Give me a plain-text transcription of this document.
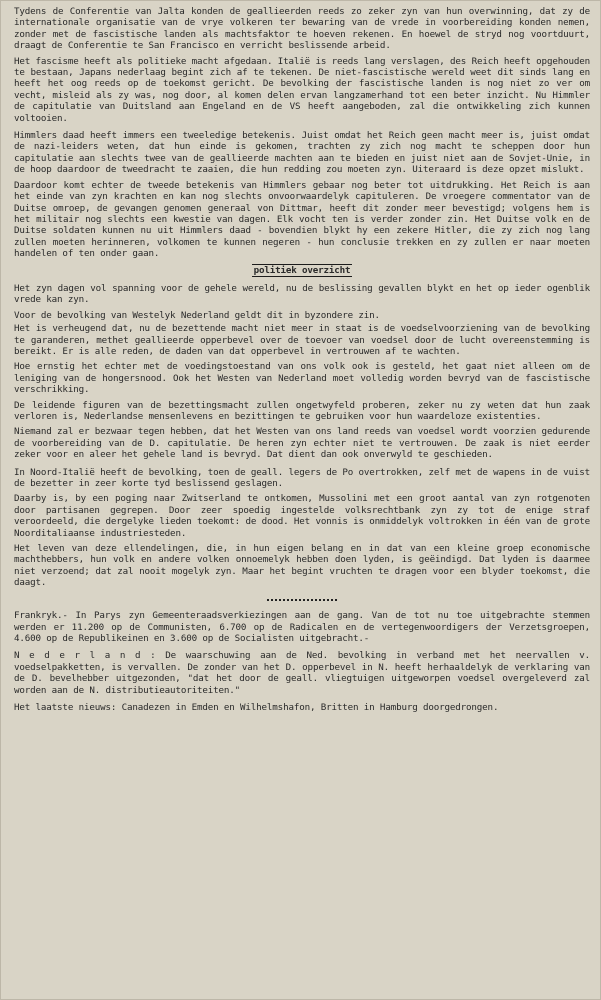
Tydens de Conferentie van Jalta konden de geallieerden reeds zo zeker zyn van hun overwinning, dat zy de internationale organisatie van de vrye volkeren ter bewaring van de vrede in voorbereiding konden nemen, zonder met de fascistische landen als machtsfaktor te hoeven rekenen. En hoewel de stryd nog voortduurt, draagt de Conferentie te San Francisco en verricht beslissende arbeid.

Het fascisme heeft als politieke macht afgedaan. Italië is reeds lang verslagen, des Reich heeft opgehouden te bestaan, Japans nederlaag begint zich af te tekenen. De niet-fascistische wereld weet dit sinds lang en heeft het oog reeds op de toekomst gericht. De bevolking der fascistische landen is nog niet zo ver om vecht, misleid als zy was, nog door, al komen delen ervan langzamerhand tot een beter inzicht. Nu Himmler de capitulatie van Duitsland aan Engeland en de VS heeft aangeboden, zal die ontwikkeling zich kunnen voltooien.

Himmlers daad heeft immers een tweeledige betekenis. Juist omdat het Reich geen macht meer is, juist omdat de nazi-leiders weten, dat hun einde is gekomen, trachten zy zich nog macht te scheppen door hun capitulatie aan slechts twee van de geallieerde machten aan te bieden en juist niet aan de Sovjet-Unie, in de hoop daardoor de tweedracht te zaaien, die hun redding zou moeten zyn. Uiteraard is deze opzet mislukt.

Daardoor komt echter de tweede betekenis van Himmlers gebaar nog beter tot uitdrukking. Het Reich is aan het einde van zyn krachten en kan nog slechts onvoorwaardelyk capituleren. De vroegere commentator van de Duitse omroep, de gevangen genomen generaal von Dittmar, heeft dit zonder meer bevestigd; volgens hem is het militair nog slechts een kwestie van dagen. Elk vocht ten is verder zonder zin. Het Duitse volk en de Duitse soldaten kunnen nu uit Himmlers daad - bovendien blykt hy een zekere Hitler, die zy zich nog lang zullen moeten herinneren, volkomen te kunnen negeren - hun conclusie trekken en zy zullen er naar moeten handelen of ten onder gaan.

politiek overzicht

Het zyn dagen vol spanning voor de gehele wereld, nu de beslissing gevallen blykt en het op ieder ogenblik vrede kan zyn.

Voor de bevolking van Westelyk Nederland geldt dit in byzondere zin.

Het is verheugend dat, nu de bezettende macht niet meer in staat is de voedselvoorziening van de bevolking te garanderen, methet geallieerde opperbevel over de toevoer van voedsel door de lucht overeenstemming is bereikt. Er is alle reden, de daden van dat opperbevel in vertrouwen af te wachten.

Hoe ernstig het echter met de voedingstoestand van ons volk ook is gesteld, het gaat niet alleen om de leniging van de hongersnood. Ook het Westen van Nederland moet volledig worden bevryd van de fascistische verschrikking.

De leidende figuren van de bezettingsmacht zullen ongetwyfeld proberen, zeker nu zy weten dat hun zaak verloren is, Nederlandse mensenlevens en bezittingen te gebruiken voor hun waardeloze existenties.

Niemand zal er bezwaar tegen hebben, dat het Westen van ons land reeds van voedsel wordt voorzien gedurende de voorbereiding van de D. capitulatie. De heren zyn echter niet te vertrouwen. De zaak is niet eerder zeker voor en aleer het gehele land is bevryd. Dat dient dan ook onverwyld te geschieden.

In Noord-Italië heeft de bevolking, toen de geall. legers de Po overtrokken, zelf met de wapens in de vuist de bezetter in zeer korte tyd beslissend geslagen.

Daarby is, by een poging naar Zwitserland te ontkomen, Mussolini met een groot aantal van zyn rotgenoten door partisanen gegrepen. Door zeer spoedig ingestelde volksrechtbank zyn zy tot de enige straf veroordeeld, die dergelyke lieden toekomt: de dood. Het vonnis is onmiddelyk voltrokken in één van de grote Noorditaliaanse industriesteden.

Het leven van deze ellendelingen, die, in hun eigen belang en in dat van een kleine groep economische machthebbers, hun volk en andere volken onnoemelyk hebben doen lyden, is geëindigd. Dat lyden is daarmee niet verzoend; dat zal nooit mogelyk zyn. Maar het begint vruchten te dragen voor een blyder toekomst, die daagt.

Frankryk.- In Parys zyn Gemeenteraadsverkiezingen aan de gang. Van de tot nu toe uitgebrachte stemmen werden er 11.200 op de Communisten, 6.700 op de Radicalen en de vertegenwoordigers der Verzetsgroepen, 4.600 op de Republikeinen en 3.600 op de Socialisten uitgebracht.-

N e d e r l a n d : De waarschuwing aan de Ned. bevolking in verband met het neervallen v. voedselpakketten, is vervallen. De zonder van het D. opperbevel in N. heeft herhaaldelyk de verklaring van de D. bevelhebber uitgezonden, "dat het door de geall. vliegtuigen uitgeworpen voedsel overgeleverd zal worden aan de N. distributieautoriteiten."

Het laatste nieuws: Canadezen in Emden en Wilhelmshafon, Britten in Hamburg doorgedrongen.
